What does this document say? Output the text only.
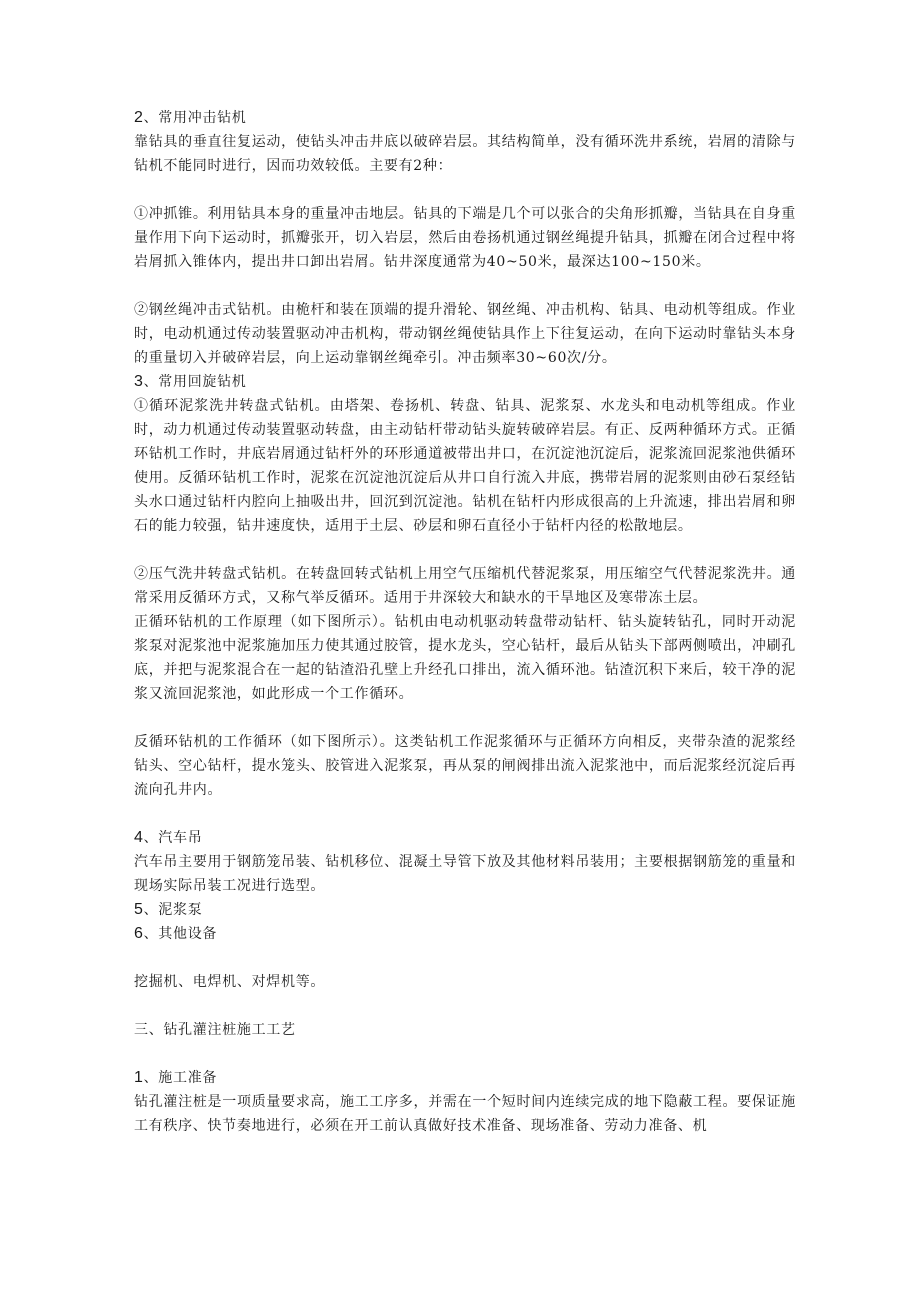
2、常用冲击钻机

靠钻具的垂直往复运动，使钻头冲击井底以破碎岩层。其结构简单，没有循环洗井系统，岩屑的清除与钻机不能同时进行，因而功效较低。主要有2种：

①冲抓锥。利用钻具本身的重量冲击地层。钻具的下端是几个可以张合的尖角形抓瓣，当钻具在自身重量作用下向下运动时，抓瓣张开，切入岩层，然后由卷扬机通过钢丝绳提升钻具，抓瓣在闭合过程中将岩屑抓入锥体内，提出井口卸出岩屑。钻井深度通常为40~50米，最深达100~150米。

②钢丝绳冲击式钻机。由桅杆和装在顶端的提升滑轮、钢丝绳、冲击机构、钻具、电动机等组成。作业时，电动机通过传动装置驱动冲击机构，带动钢丝绳使钻具作上下往复运动，在向下运动时靠钻头本身的重量切入并破碎岩层，向上运动靠钢丝绳牵引。冲击频率30~60次/分。

3、常用回旋钻机

①循环泥浆洗井转盘式钻机。由塔架、卷扬机、转盘、钻具、泥浆泵、水龙头和电动机等组成。作业时，动力机通过传动装置驱动转盘，由主动钻杆带动钻头旋转破碎岩层。有正、反两种循环方式。正循环钻机工作时，井底岩屑通过钻杆外的环形通道被带出井口，在沉淀池沉淀后，泥浆流回泥浆池供循环使用。反循环钻机工作时，泥浆在沉淀池沉淀后从井口自行流入井底，携带岩屑的泥浆则由砂石泵经钻头水口通过钻杆内腔向上抽吸出井，回沉到沉淀池。钻机在钻杆内形成很高的上升流速，排出岩屑和卵石的能力较强，钻井速度快，适用于土层、砂层和卵石直径小于钻杆内径的松散地层。

②压气洗井转盘式钻机。在转盘回转式钻机上用空气压缩机代替泥浆泵，用压缩空气代替泥浆洗井。通常采用反循环方式，又称气举反循环。适用于井深较大和缺水的干旱地区及寒带冻土层。

正循环钻机的工作原理（如下图所示）。钻机由电动机驱动转盘带动钻杆、钻头旋转钻孔，同时开动泥浆泵对泥浆池中泥浆施加压力使其通过胶管，提水龙头，空心钻杆，最后从钻头下部两侧喷出，冲刷孔底，并把与泥浆混合在一起的钻渣沿孔壁上升经孔口排出，流入循环池。钻渣沉积下来后，较干净的泥浆又流回泥浆池，如此形成一个工作循环。

反循环钻机的工作循环（如下图所示）。这类钻机工作泥浆循环与正循环方向相反，夹带杂渣的泥浆经钻头、空心钻杆，提水笼头、胶管进入泥浆泵，再从泵的闸阀排出流入泥浆池中，而后泥浆经沉淀后再流向孔井内。

4、汽车吊

汽车吊主要用于钢筋笼吊装、钻机移位、混凝土导管下放及其他材料吊装用；主要根据钢筋笼的重量和现场实际吊装工况进行选型。

5、泥浆泵
6、其他设备

挖掘机、电焊机、对焊机等。

三、钻孔灌注桩施工工艺

1、施工准备

钻孔灌注桩是一项质量要求高，施工工序多，并需在一个短时间内连续完成的地下隐蔽工程。要保证施工有秩序、快节奏地进行，必须在开工前认真做好技术准备、现场准备、劳动力准备、机
